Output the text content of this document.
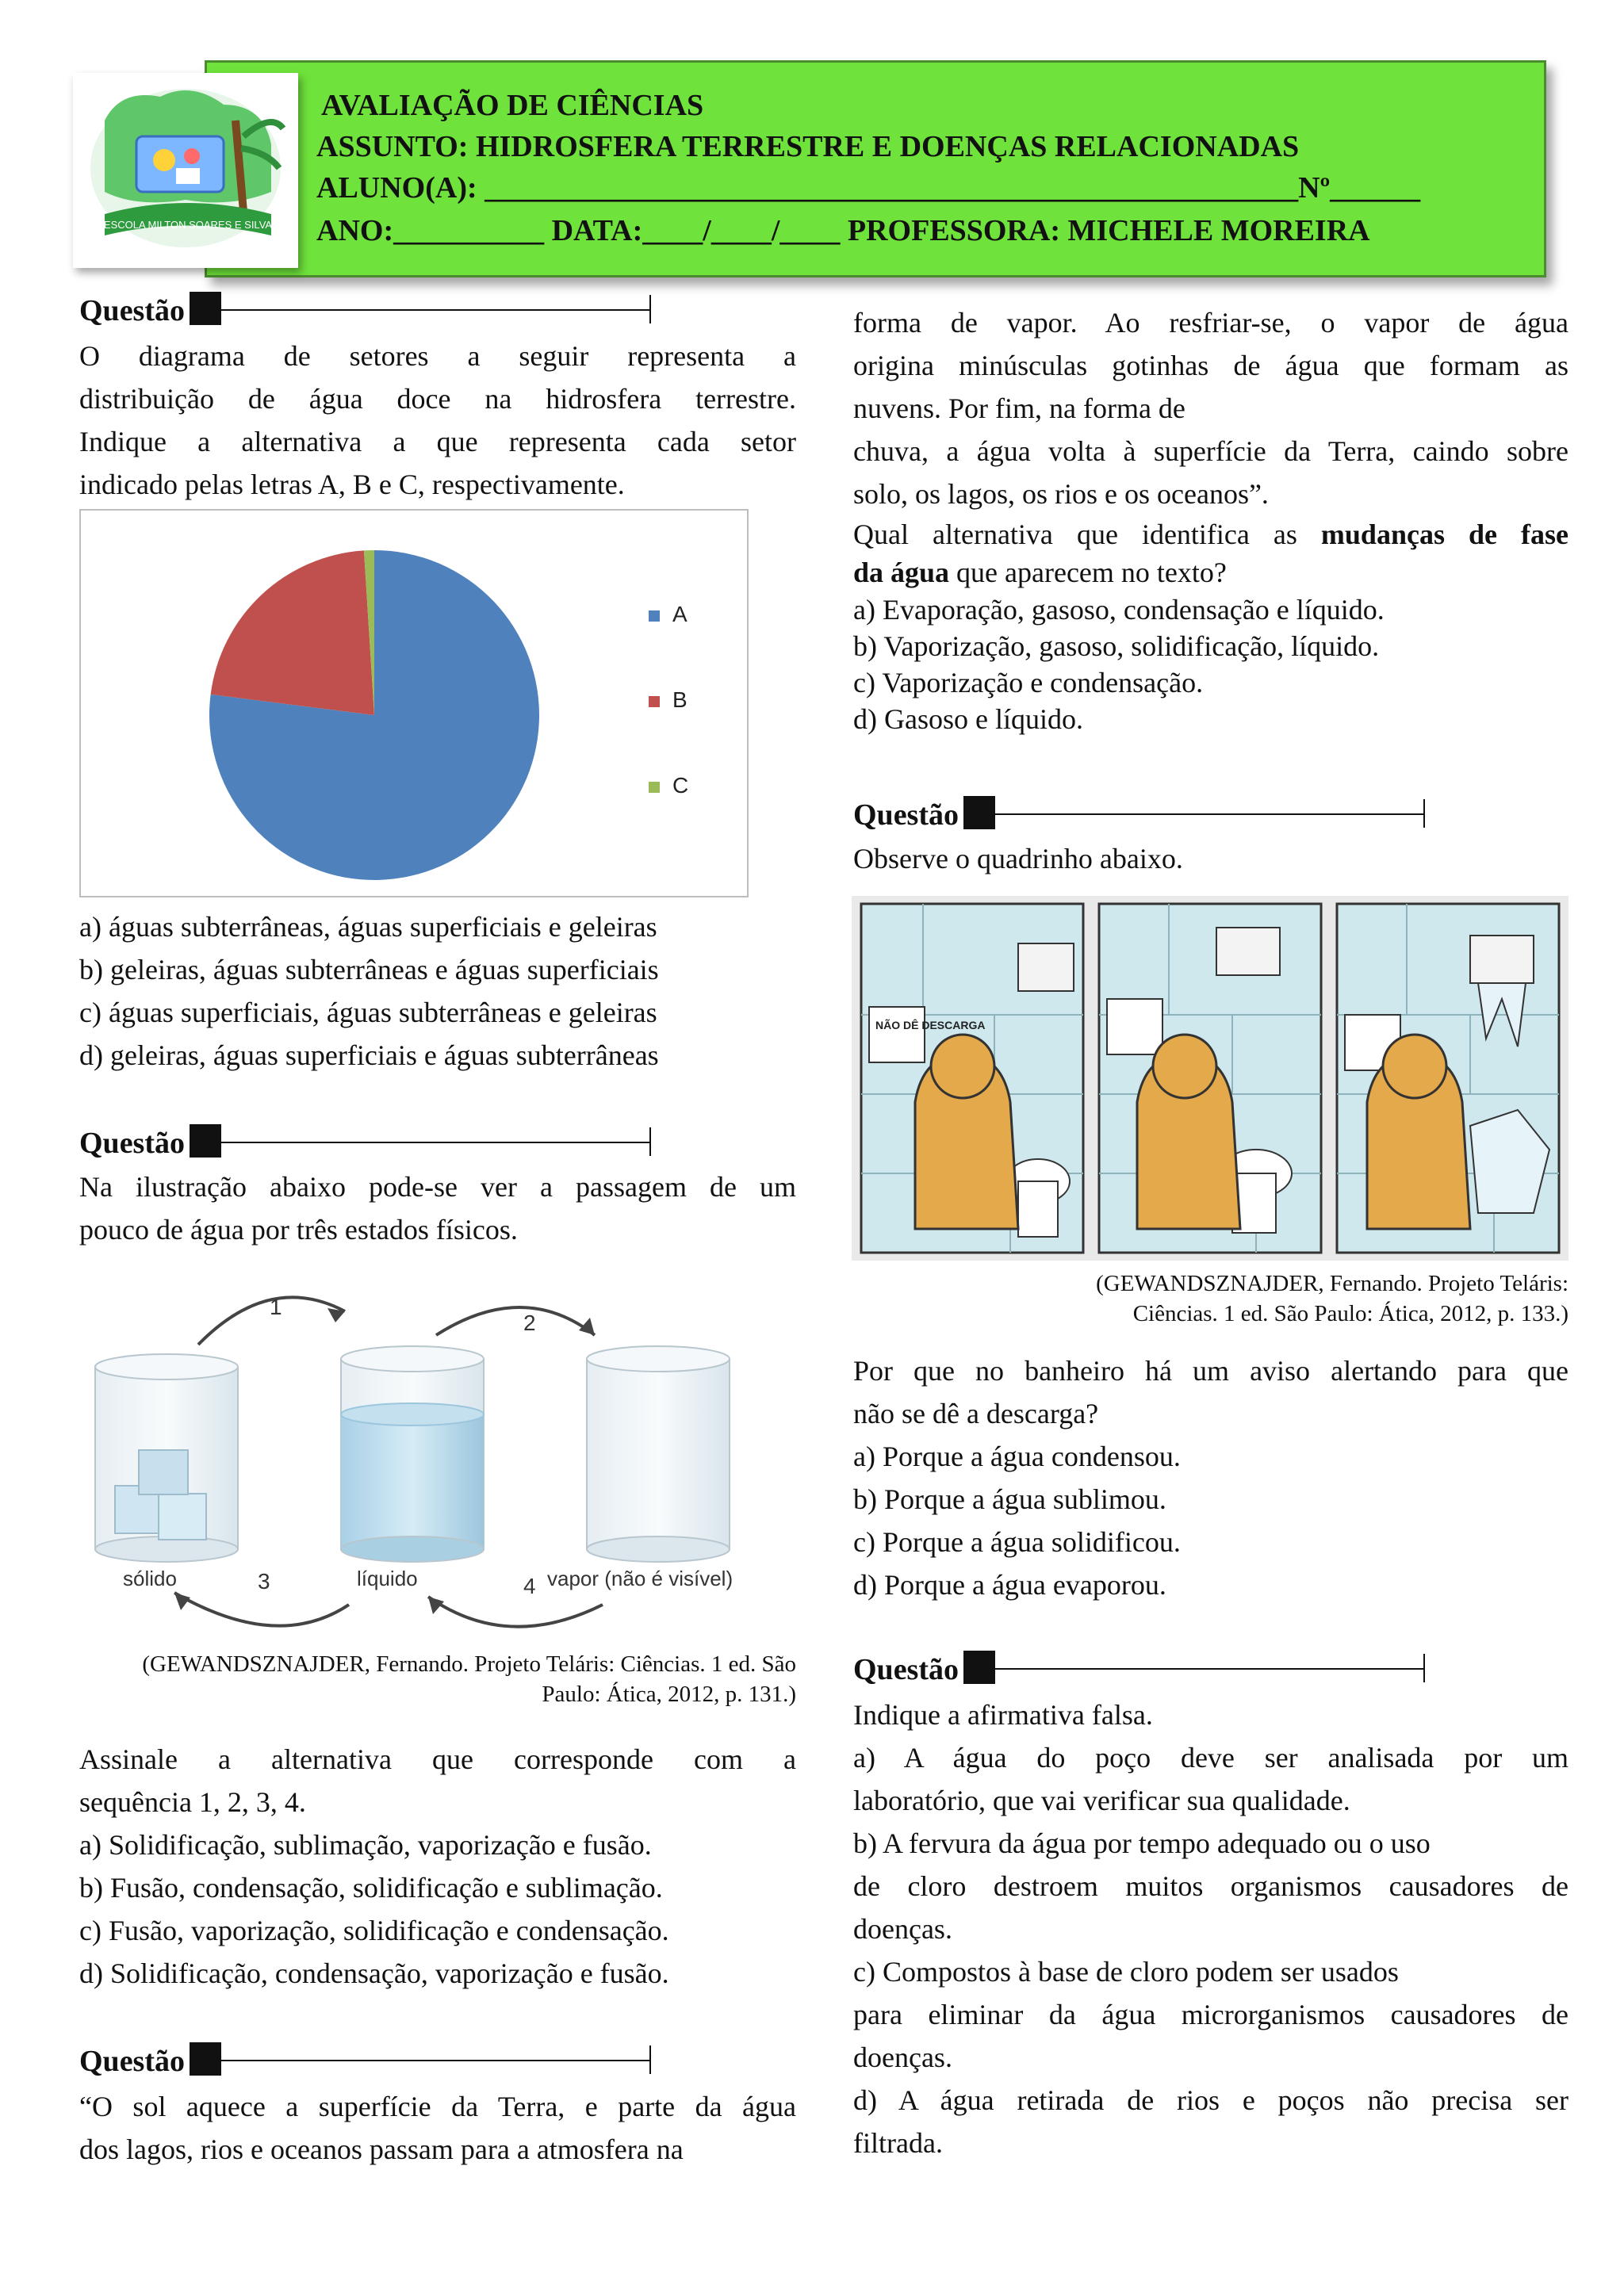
AVALIAÇÃO DE CIÊNCIAS
ASSUNTO: HIDROSFERA TERRESTRE E DOENÇAS RELACIONADAS
ALUNO(A): ______________________________________________________Nº______
ANO:__________ DATA:____/____/____ PROFESSORA: MICHELE MOREIRA
ESCOLA MILTON SOARES E SILVA
Questão
O diagrama de setores a seguir representa a
distribuição de água doce na hidrosfera terrestre.
Indique a alternativa a que representa cada setor
indicado pelas letras A, B e C, respectivamente.
A
B
C
a) águas subterrâneas, águas superficiais e geleiras
b) geleiras, águas subterrâneas e águas superficiais
c) águas superficiais, águas subterrâneas e geleiras
d) geleiras, águas superficiais e águas subterrâneas
Questão
Na ilustração abaixo pode-se ver a passagem de um
pouco de água por três estados físicos.
1
2
sólido	líquido	vapor (não é visível)
3	4
(GEWANDSZNAJDER, Fernando. Projeto Teláris: Ciências. 1 ed. São
Paulo: Ática, 2012, p. 131.)
Assinale a alternativa que corresponde com a
sequência 1, 2, 3, 4.
a) Solidificação, sublimação, vaporização e fusão.
b) Fusão, condensação, solidificação e sublimação.
c) Fusão, vaporização, solidificação e condensação.
d) Solidificação, condensação, vaporização e fusão.
Questão
“O sol aquece a superfície da Terra, e parte da água
dos lagos, rios e oceanos passam para a atmosfera na
forma de vapor. Ao resfriar-se, o vapor de água
origina minúsculas gotinhas de água que formam as
nuvens. Por fim, na forma de
chuva, a água volta à superfície da Terra, caindo sobre
solo, os lagos, os rios e os oceanos”.
Qual alternativa que identifica as mudanças de fase
da água que aparecem no texto?
a) Evaporação, gasoso, condensação e líquido.
b) Vaporização, gasoso, solidificação, líquido.
c) Vaporização e condensação.
d) Gasoso e líquido.
Questão
Observe o quadrinho abaixo.
NÃO DÊ DESCARGA
(GEWANDSZNAJDER, Fernando. Projeto Teláris:
Ciências. 1 ed. São Paulo: Ática, 2012, p. 133.)
Por que no banheiro há um aviso alertando para que
não se dê a descarga?
a) Porque a água condensou.
b) Porque a água sublimou.
c) Porque a água solidificou.
d) Porque a água evaporou.
Questão
Indique a afirmativa falsa.
a) A água do poço deve ser analisada por um
laboratório, que vai verificar sua qualidade.
b) A fervura da água por tempo adequado ou o uso
de cloro destroem muitos organismos causadores de
doenças.
c) Compostos à base de cloro podem ser usados
para eliminar da água microrganismos causadores de
doenças.
d) A água retirada de rios e poços não precisa ser
filtrada.
